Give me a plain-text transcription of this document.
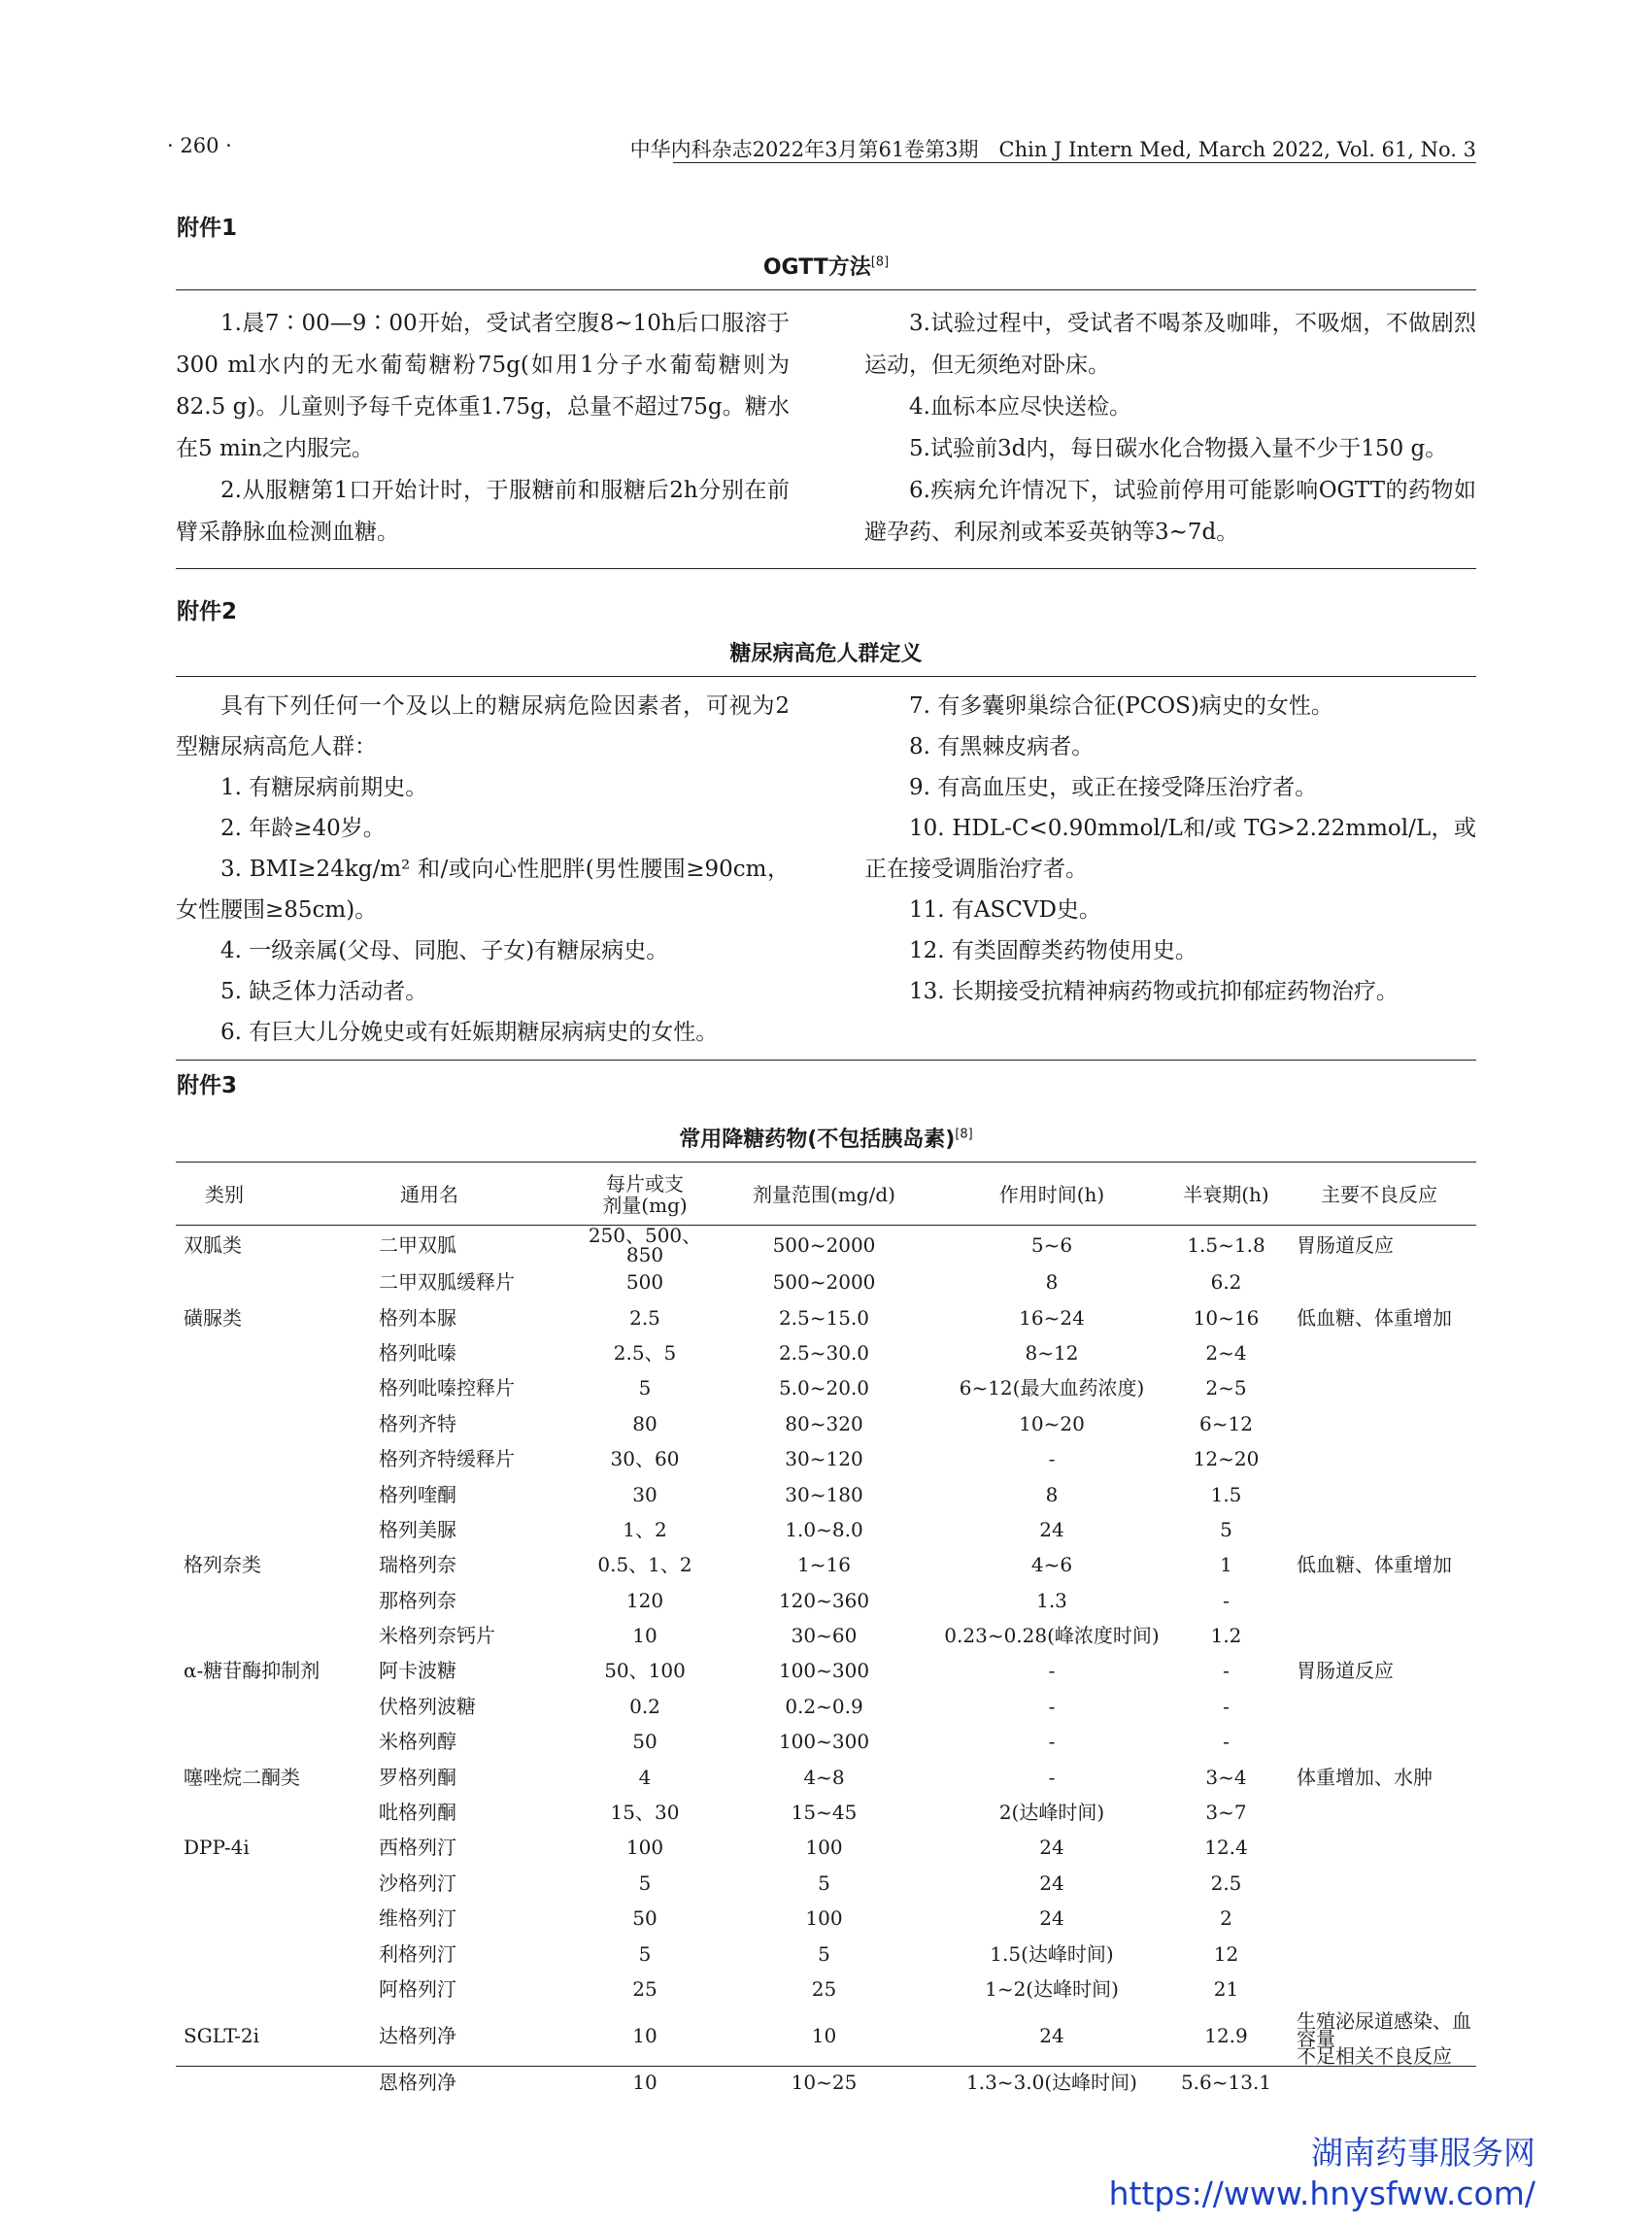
· 260 ·	中华内科杂志2022年3月第61卷第3期　Chin J Intern Med, March 2022, Vol. 61, No. 3
附件1
OGTT方法[8]

1.晨7∶00—9∶00开始，受试者空腹8~10h后口服溶于300 ml水内的无水葡萄糖粉75g(如用1分子水葡萄糖则为82.5 g)。儿童则予每千克体重1.75g，总量不超过75g。糖水在5 min之内服完。

2.从服糖第1口开始计时，于服糖前和服糖后2h分别在前臂采静脉血检测血糖。

3.试验过程中，受试者不喝茶及咖啡，不吸烟，不做剧烈运动，但无须绝对卧床。

4.血标本应尽快送检。

5.试验前3d内，每日碳水化合物摄入量不少于150 g。

6.疾病允许情况下，试验前停用可能影响OGTT的药物如避孕药、利尿剂或苯妥英钠等3~7d。

附件2
糖尿病高危人群定义

具有下列任何一个及以上的糖尿病危险因素者，可视为2型糖尿病高危人群：

1. 有糖尿病前期史。

2. 年龄≥40岁。

3. BMI≥24kg/m² 和/或向心性肥胖(男性腰围≥90cm，女性腰围≥85cm)。

4. 一级亲属(父母、同胞、子女)有糖尿病史。

5. 缺乏体力活动者。

6. 有巨大儿分娩史或有妊娠期糖尿病病史的女性。

7. 有多囊卵巢综合征(PCOS)病史的女性。

8. 有黑棘皮病者。

9. 有高血压史，或正在接受降压治疗者。

10. HDL-C<0.90mmol/L和/或 TG>2.22mmol/L，或正在接受调脂治疗者。

11. 有ASCVD史。

12. 有类固醇类药物使用史。

13. 长期接受抗精神病药物或抗抑郁症药物治疗。

附件3
常用降糖药物(不包括胰岛素)[8]
类别	通用名	每片或支
剂量(mg)	剂量范围(mg/d)	作用时间(h)	半衰期(h)	主要不良反应
双胍类	二甲双胍	250、500、850	500~2000	5~6	1.5~1.8	胃肠道反应
	二甲双胍缓释片	500	500~2000	8	6.2	
磺脲类	格列本脲	2.5	2.5~15.0	16~24	10~16	低血糖、体重增加
	格列吡嗪	2.5、5	2.5~30.0	8~12	2~4	
	格列吡嗪控释片	5	5.0~20.0	6~12(最大血药浓度)	2~5	
	格列齐特	80	80~320	10~20	6~12	
	格列齐特缓释片	30、60	30~120	-	12~20	
	格列喹酮	30	30~180	8	1.5	
	格列美脲	1、2	1.0~8.0	24	5	
格列奈类	瑞格列奈	0.5、1、2	1~16	4~6	1	低血糖、体重增加
	那格列奈	120	120~360	1.3	-	
	米格列奈钙片	10	30~60	0.23~0.28(峰浓度时间)	1.2	
α-糖苷酶抑制剂	阿卡波糖	50、100	100~300	-	-	胃肠道反应
	伏格列波糖	0.2	0.2~0.9	-	-	
	米格列醇	50	100~300	-	-	
噻唑烷二酮类	罗格列酮	4	4~8	-	3~4	体重增加、水肿
	吡格列酮	15、30	15~45	2(达峰时间)	3~7	
DPP-4i	西格列汀	100	100	24	12.4	
	沙格列汀	5	5	24	2.5	
	维格列汀	50	100	24	2	
	利格列汀	5	5	1.5(达峰时间)	12	
	阿格列汀	25	25	1~2(达峰时间)	21	
SGLT-2i	达格列净	10	10	24	12.9	生殖泌尿道感染、血容量
不足相关不良反应
	恩格列净	10	10~25	1.3~3.0(达峰时间)	5.6~13.1	
湖南药事服务网
https://www.hnysfww.com/
